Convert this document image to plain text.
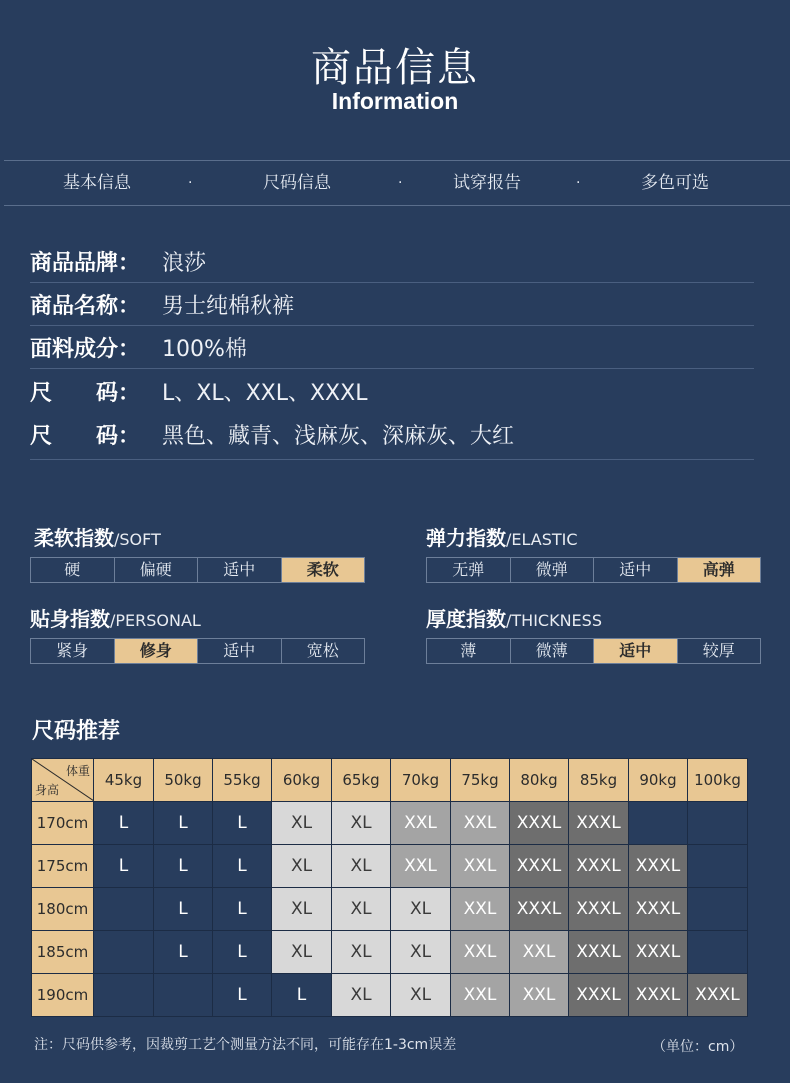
商品信息
Information
基本信息	·	尺码信息	·	试穿报告	·	多色可选
商品品牌： 浪莎
商品名称： 男士纯棉秋裤
面料成分： 100%棉
尺　　码： L、XL、XXL、XXXL
尺　　码： 黑色、藏青、浅麻灰、深麻灰、大红
柔软指数/SOFT
硬	偏硬	适中	柔软
弹力指数/ELASTIC
无弹	微弹	适中	高弹
贴身指数/PERSONAL
紧身	修身	适中	宽松
厚度指数/THICKNESS
薄	微薄	适中	较厚
尺码推荐
体重
身高	45kg	50kg	55kg	60kg	65kg	70kg	75kg	80kg	85kg	90kg	100kg
170cm	L	L	L	XL	XL	XXL	XXL	XXXL	XXXL		
175cm	L	L	L	XL	XL	XXL	XXL	XXXL	XXXL	XXXL	
180cm		L	L	XL	XL	XL	XXL	XXXL	XXXL	XXXL	
185cm		L	L	XL	XL	XL	XXL	XXL	XXXL	XXXL	
190cm			L	L	XL	XL	XXL	XXL	XXXL	XXXL	XXXL
注：尺码供参考，因裁剪工艺个测量方法不同，可能存在1-3cm误差	（单位：cm）
